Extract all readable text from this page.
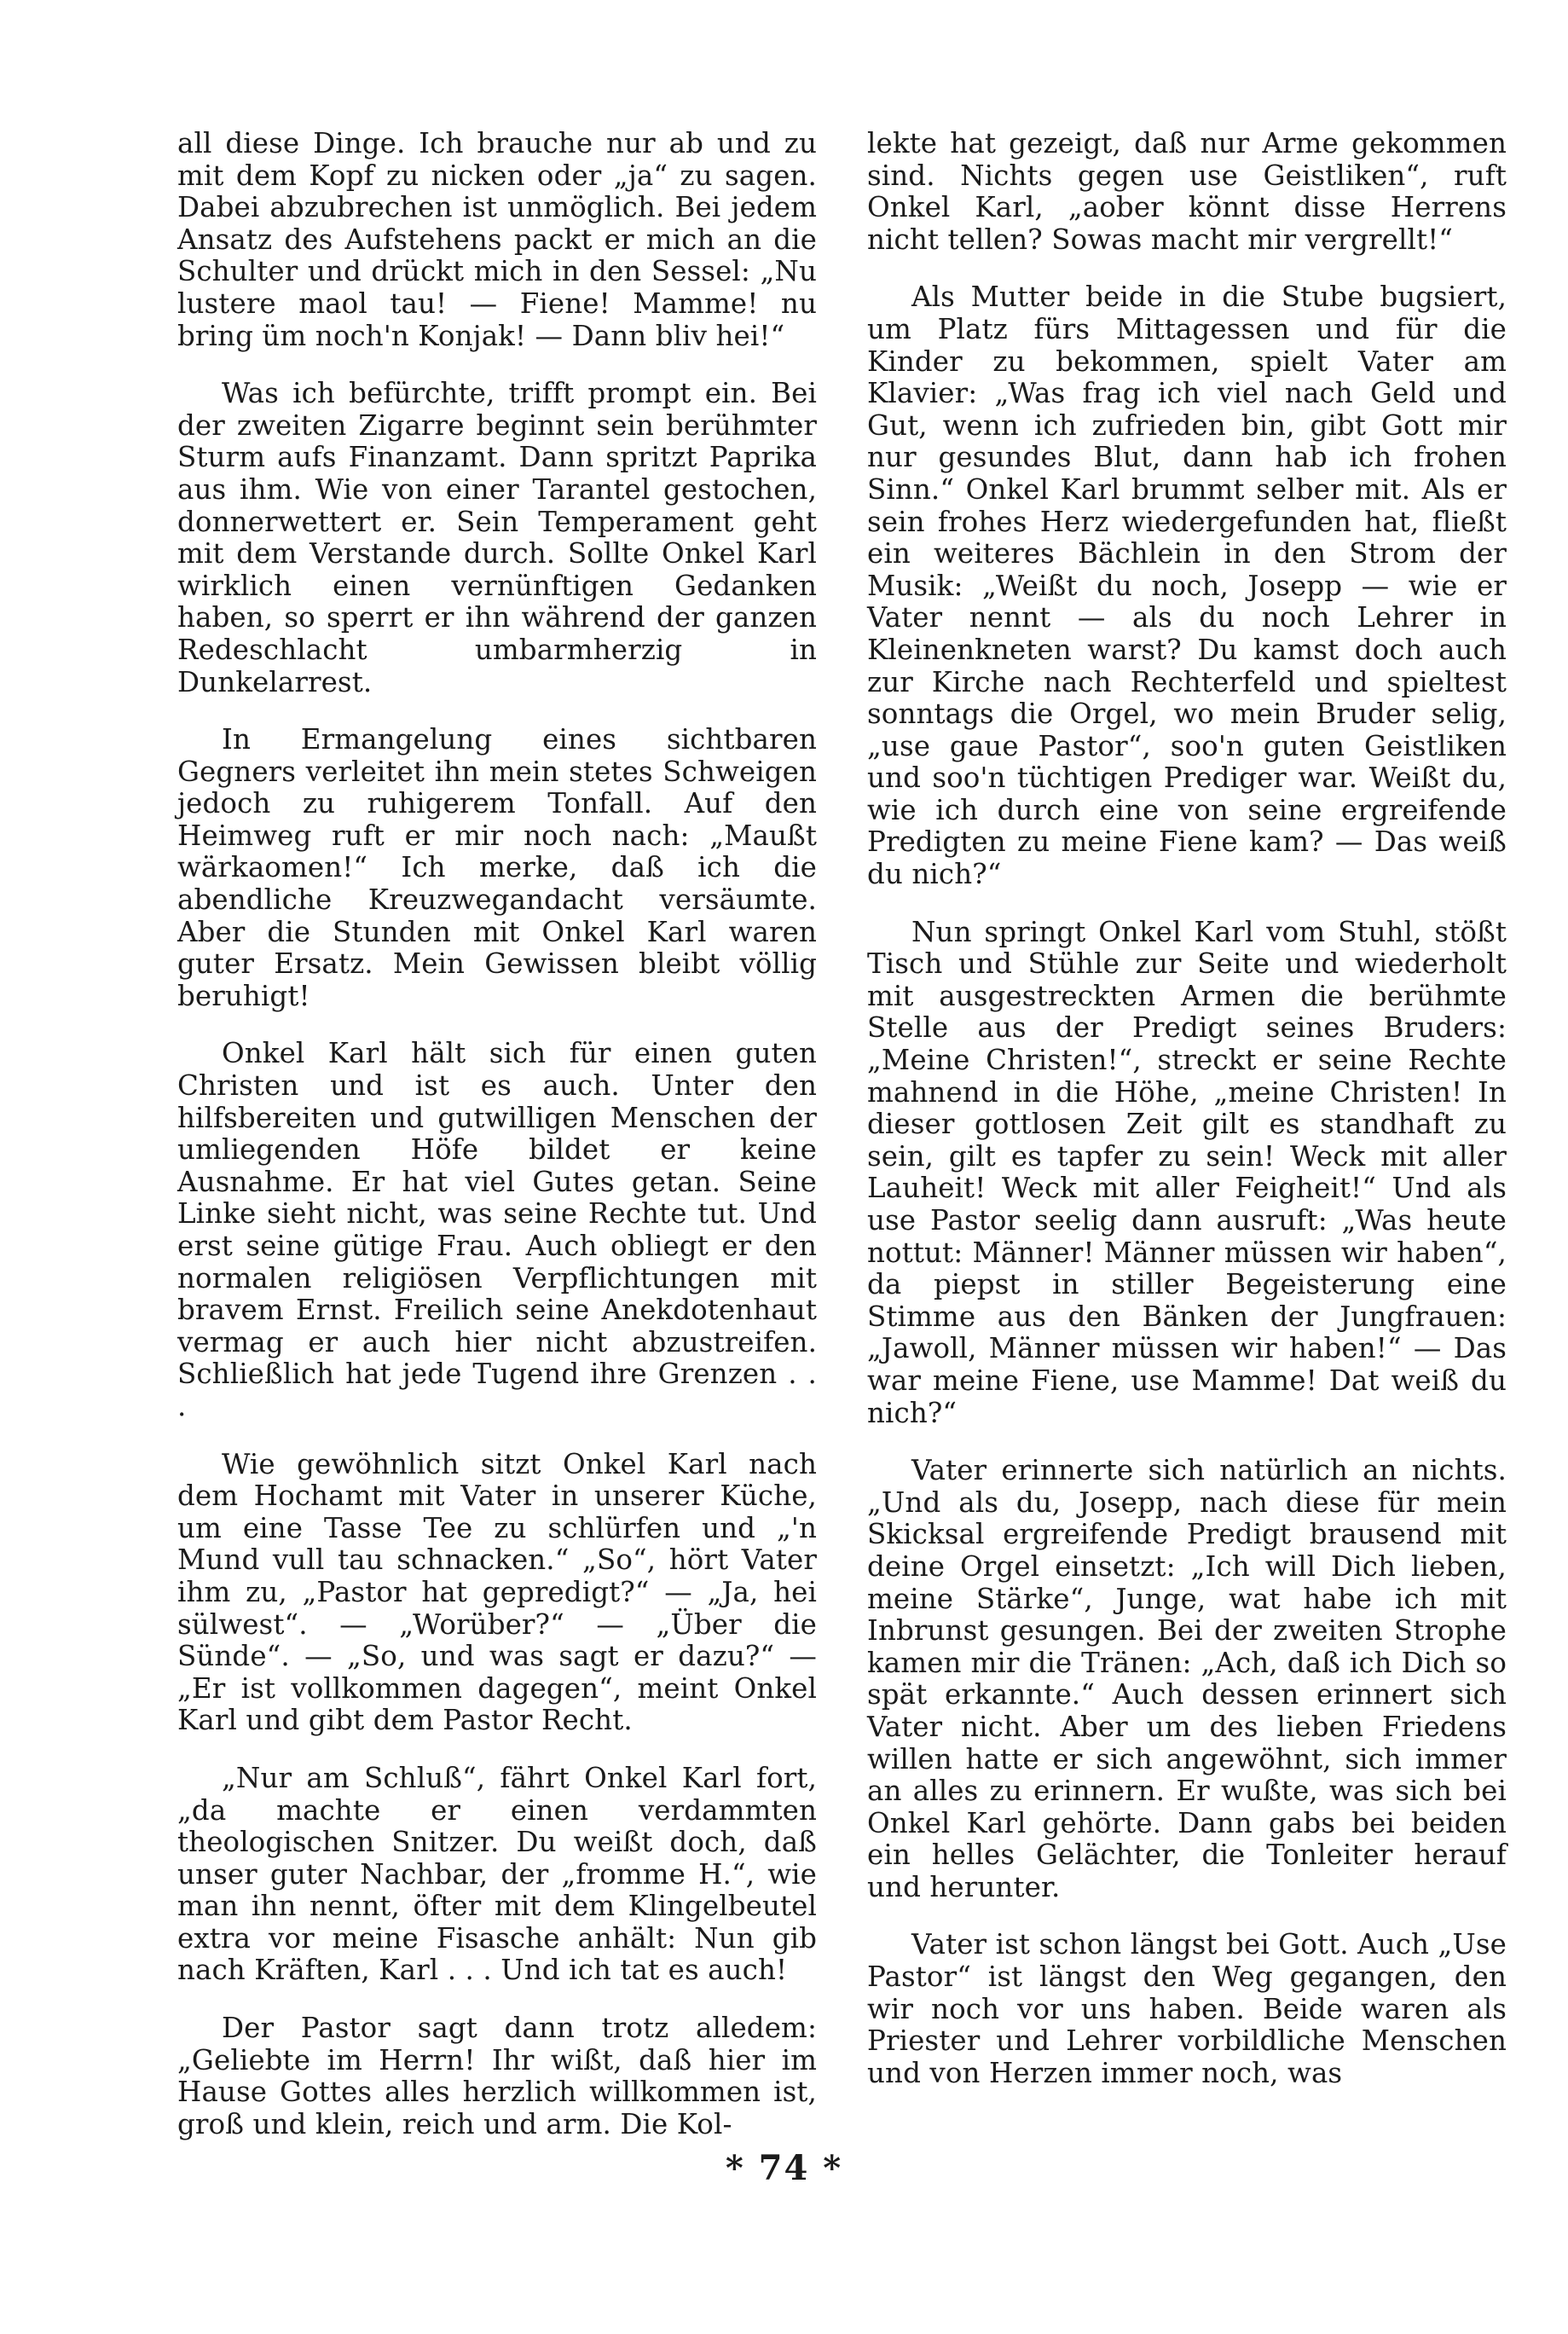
all diese Dinge. Ich brauche nur ab und zu mit dem Kopf zu nicken oder „ja“ zu sagen. Dabei abzubrechen ist unmöglich. Bei jedem Ansatz des Aufstehens packt er mich an die Schulter und drückt mich in den Sessel: „Nu lustere maol tau! — Fiene! Mamme! nu bring üm noch'n Konjak! — Dann bliv hei!“

Was ich befürchte, trifft prompt ein. Bei der zweiten Zigarre beginnt sein berühmter Sturm aufs Finanzamt. Dann spritzt Paprika aus ihm. Wie von einer Tarantel gestochen, donnerwettert er. Sein Temperament geht mit dem Verstande durch. Sollte Onkel Karl wirklich einen vernünftigen Gedanken haben, so sperrt er ihn während der ganzen Redeschlacht umbarmherzig in Dunkelarrest.

In Ermangelung eines sichtbaren Gegners verleitet ihn mein stetes Schweigen jedoch zu ruhigerem Tonfall. Auf den Heimweg ruft er mir noch nach: „Maußt wärkaomen!“ Ich merke, daß ich die abendliche Kreuzwegandacht versäumte. Aber die Stunden mit Onkel Karl waren guter Ersatz. Mein Gewissen bleibt völlig beruhigt!

Onkel Karl hält sich für einen guten Christen und ist es auch. Unter den hilfsbereiten und gutwilligen Menschen der umliegenden Höfe bildet er keine Ausnahme. Er hat viel Gutes getan. Seine Linke sieht nicht, was seine Rechte tut. Und erst seine gütige Frau. Auch obliegt er den normalen religiösen Verpflichtungen mit bravem Ernst. Freilich seine Anekdotenhaut vermag er auch hier nicht abzustreifen. Schließlich hat jede Tugend ihre Grenzen . . .

Wie gewöhnlich sitzt Onkel Karl nach dem Hochamt mit Vater in unserer Küche, um eine Tasse Tee zu schlürfen und „'n Mund vull tau schnacken.“ „So“, hört Vater ihm zu, „Pastor hat gepredigt?“ — „Ja, hei sülwest“. — „Worüber?“ — „Über die Sünde“. — „So, und was sagt er dazu?“ — „Er ist vollkommen dagegen“, meint Onkel Karl und gibt dem Pastor Recht.

„Nur am Schluß“, fährt Onkel Karl fort, „da machte er einen verdammten theologischen Snitzer. Du weißt doch, daß unser guter Nachbar, der „fromme H.“, wie man ihn nennt, öfter mit dem Klingelbeutel extra vor meine Fisasche anhält: Nun gib nach Kräften, Karl . . . Und ich tat es auch!

Der Pastor sagt dann trotz alledem: „Geliebte im Herrn! Ihr wißt, daß hier im Hause Gottes alles herzlich willkommen ist, groß und klein, reich und arm. Die Kol-

lekte hat gezeigt, daß nur Arme gekommen sind. Nichts gegen use Geistliken“, ruft Onkel Karl, „aober könnt disse Herrens nicht tellen? Sowas macht mir vergrellt!“

Als Mutter beide in die Stube bugsiert, um Platz fürs Mittagessen und für die Kinder zu bekommen, spielt Vater am Klavier: „Was frag ich viel nach Geld und Gut, wenn ich zufrieden bin, gibt Gott mir nur gesundes Blut, dann hab ich frohen Sinn.“ Onkel Karl brummt selber mit. Als er sein frohes Herz wiedergefunden hat, fließt ein weiteres Bächlein in den Strom der Musik: „Weißt du noch, Josepp — wie er Vater nennt — als du noch Lehrer in Kleinenkneten warst? Du kamst doch auch zur Kirche nach Rechterfeld und spieltest sonntags die Orgel, wo mein Bruder selig, „use gaue Pastor“, soo'n guten Geistliken und soo'n tüchtigen Prediger war. Weißt du, wie ich durch eine von seine ergreifende Predigten zu meine Fiene kam? — Das weiß du nich?“

Nun springt Onkel Karl vom Stuhl, stößt Tisch und Stühle zur Seite und wiederholt mit ausgestreckten Armen die berühmte Stelle aus der Predigt seines Bruders: „Meine Christen!“, streckt er seine Rechte mahnend in die Höhe, „meine Christen! In dieser gottlosen Zeit gilt es standhaft zu sein, gilt es tapfer zu sein! Weck mit aller Lauheit! Weck mit aller Feigheit!“ Und als use Pastor seelig dann ausruft: „Was heute nottut: Männer! Männer müssen wir haben“, da piepst in stiller Begeisterung eine Stimme aus den Bänken der Jungfrauen: „Jawoll, Männer müssen wir haben!“ — Das war meine Fiene, use Mamme! Dat weiß du nich?“

Vater erinnerte sich natürlich an nichts. „Und als du, Josepp, nach diese für mein Skicksal ergreifende Predigt brausend mit deine Orgel einsetzt: „Ich will Dich lieben, meine Stärke“, Junge, wat habe ich mit Inbrunst gesungen. Bei der zweiten Strophe kamen mir die Tränen: „Ach, daß ich Dich so spät erkannte.“ Auch dessen erinnert sich Vater nicht. Aber um des lieben Friedens willen hatte er sich angewöhnt, sich immer an alles zu erinnern. Er wußte, was sich bei Onkel Karl gehörte. Dann gabs bei beiden ein helles Gelächter, die Tonleiter herauf und herunter.

Vater ist schon längst bei Gott. Auch „Use Pastor“ ist längst den Weg gegangen, den wir noch vor uns haben. Beide waren als Priester und Lehrer vorbildliche Menschen und von Herzen immer noch, was

* 74 *
